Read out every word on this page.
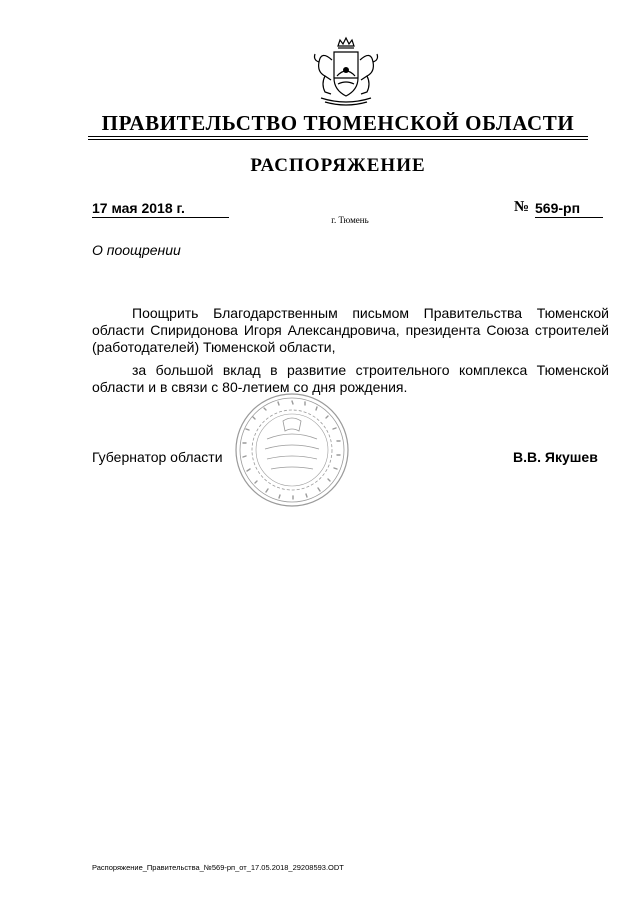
ПРАВИТЕЛЬСТВО ТЮМЕНСКОЙ ОБЛАСТИ
РАСПОРЯЖЕНИЕ
17 мая 2018 г.	№ 569-рп
г. Тюмень
О поощрении
Поощрить Благодарственным письмом Правительства Тюменской
области Спиридонова Игоря Александровича, президента Союза строителей
(работодателей) Тюменской области,
за большой вклад в развитие строительного комплекса Тюменской
области и в связи с 80-летием со дня рождения.
Губернатор области	В.В. Якушев
Распоряжение_Правительства_№569-рп_от_17.05.2018_29208593.ODT
